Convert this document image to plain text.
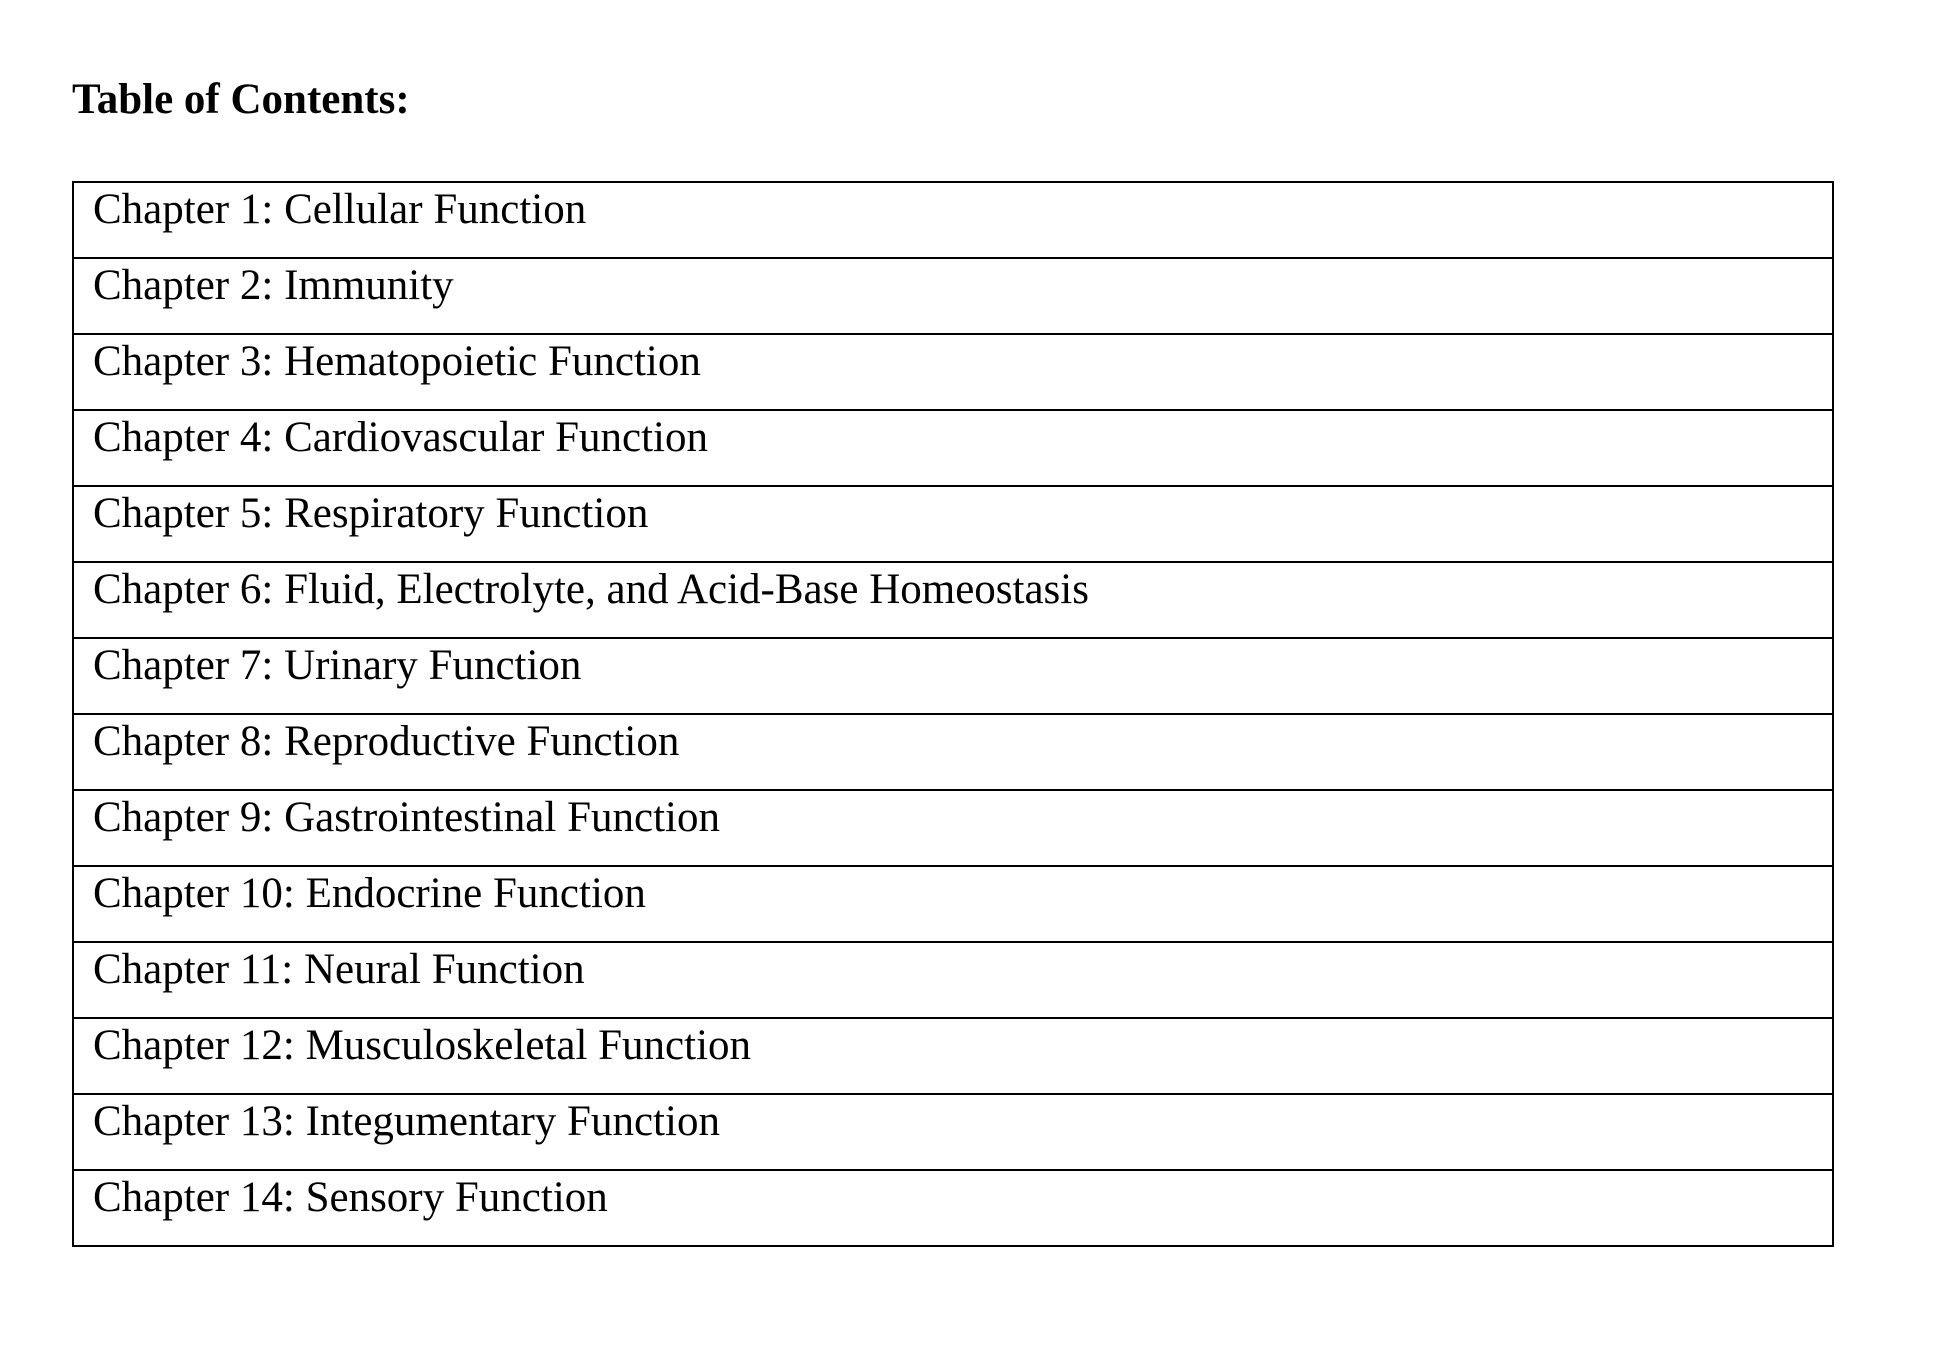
Table of Contents:
Chapter 1: Cellular Function

Chapter 2: Immunity

Chapter 3: Hematopoietic Function

Chapter 4: Cardiovascular Function

Chapter 5: Respiratory Function

Chapter 6: Fluid, Electrolyte, and Acid-Base Homeostasis

Chapter 7: Urinary Function

Chapter 8: Reproductive Function

Chapter 9: Gastrointestinal Function

Chapter 10: Endocrine Function

Chapter 11: Neural Function

Chapter 12: Musculoskeletal Function

Chapter 13: Integumentary Function

Chapter 14: Sensory Function
